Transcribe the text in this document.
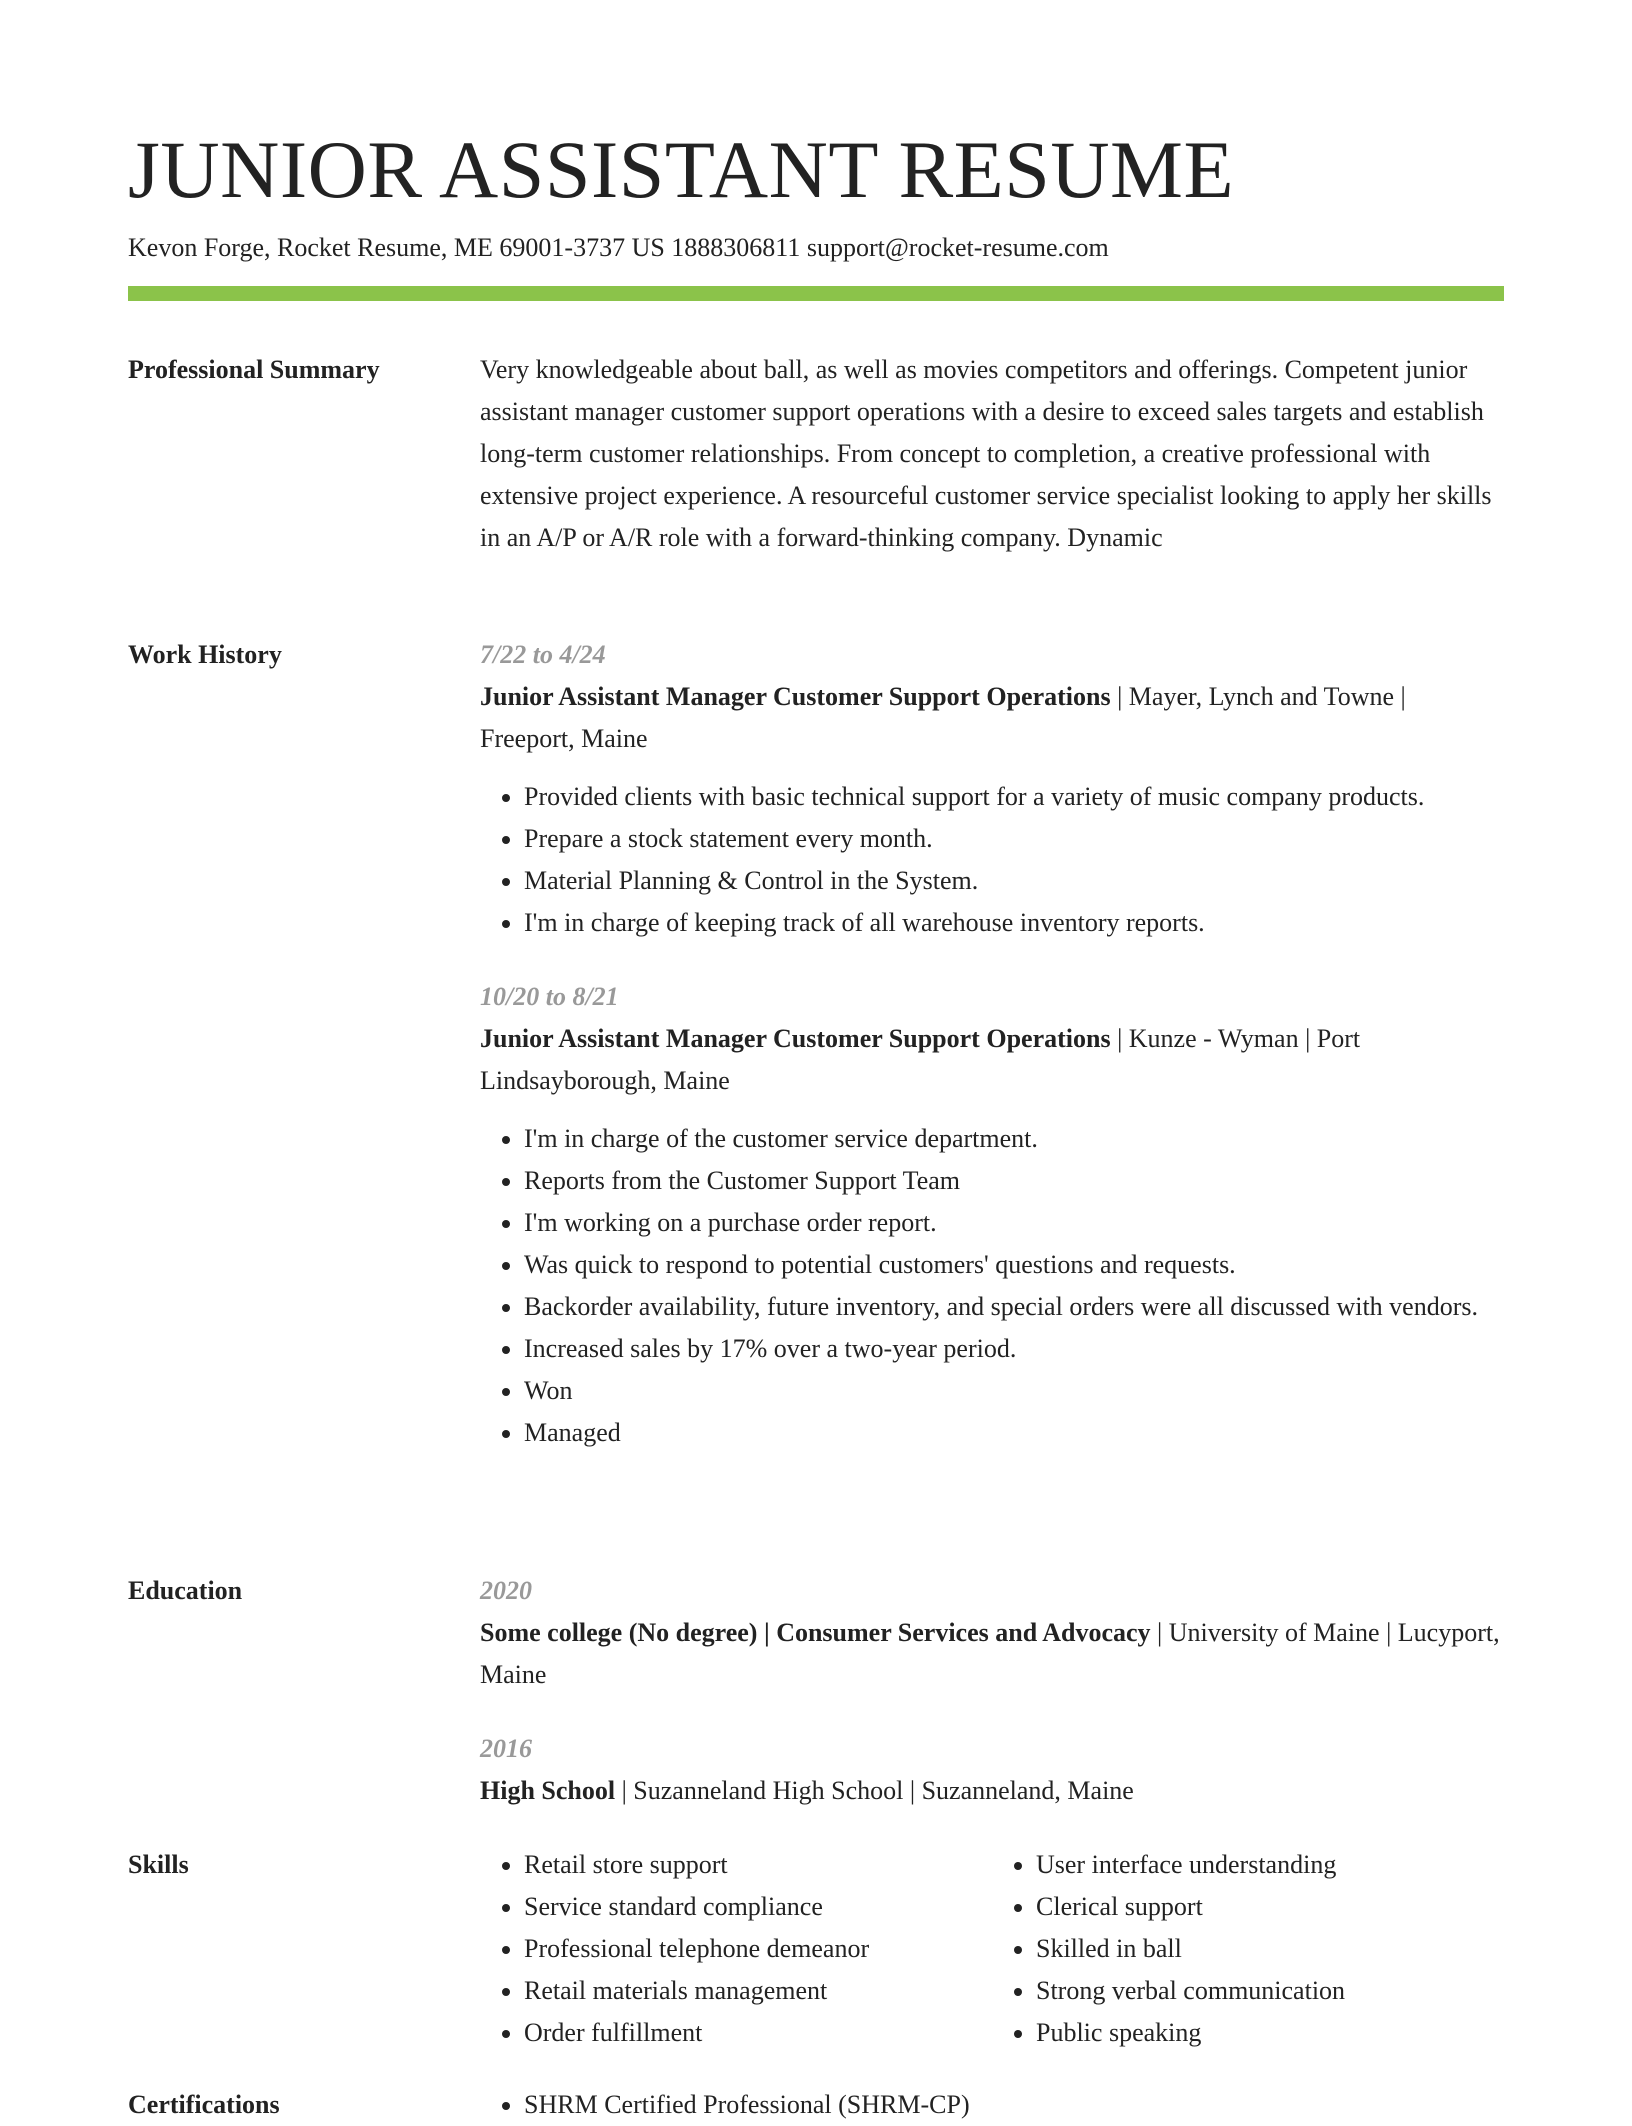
JUNIOR ASSISTANT RESUME
Kevon Forge, Rocket Resume, ME 69001-3737 US 1888306811 support@rocket-resume.com
Professional Summary	Very knowledgeable about ball, as well as movies competitors and offerings. Competent junior assistant manager customer support operations with a desire to exceed sales targets and establish long-term customer relationships. From concept to completion, a creative professional with extensive project experience. A resourceful customer service specialist looking to apply her skills in an A/P or A/R role with a forward-thinking company. Dynamic

Work History	7/22 to 4/24
Junior Assistant Manager Customer Support Operations | Mayer, Lynch and Towne | Freeport, Maine
• Provided clients with basic technical support for a variety of music company products.
• Prepare a stock statement every month.
• Material Planning & Control in the System.
• I'm in charge of keeping track of all warehouse inventory reports.
10/20 to 8/21
Junior Assistant Manager Customer Support Operations | Kunze - Wyman | Port Lindsayborough, Maine
• I'm in charge of the customer service department.
• Reports from the Customer Support Team
• I'm working on a purchase order report.
• Was quick to respond to potential customers' questions and requests.
• Backorder availability, future inventory, and special orders were all discussed with vendors.
• Increased sales by 17% over a two-year period.
• Won
• Managed
Education	2020
Some college (No degree) | Consumer Services and Advocacy | University of Maine | Lucyport, Maine
2016
High School | Suzanneland High School | Suzanneland, Maine
Skills	• Retail store support
• Service standard compliance
• Professional telephone demeanor
• Retail materials management
• Order fulfillment
• User interface understanding
• Clerical support
• Skilled in ball
• Strong verbal communication
• Public speaking
Certifications	• SHRM Certified Professional (SHRM-CP)
